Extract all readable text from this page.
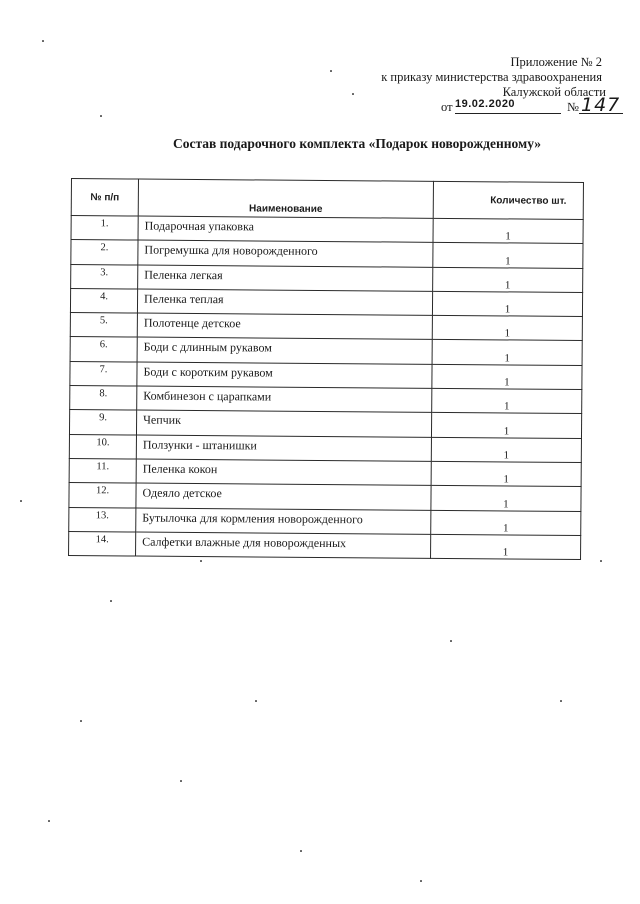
Приложение № 2
к приказу министерства здравоохранения
Калужской области
от 19.02.2020	№ 147
Состав подарочного комплекта «Подарок новорожденному»
№ п/п	Наименование	Количество шт.
1.	Подарочная упаковка	1
2.	Погремушка для новорожденного	1
3.	Пеленка легкая	1
4.	Пеленка теплая	1
5.	Полотенце детское	1
6.	Боди с длинным рукавом	1
7.	Боди с коротким рукавом	1
8.	Комбинезон с царапками	1
9.	Чепчик	1
10.	Ползунки - штанишки	1
11.	Пеленка кокон	1
12.	Одеяло детское	1
13.	Бутылочка для кормления новорожденного	1
14.	Салфетки влажные для новорожденных	1
